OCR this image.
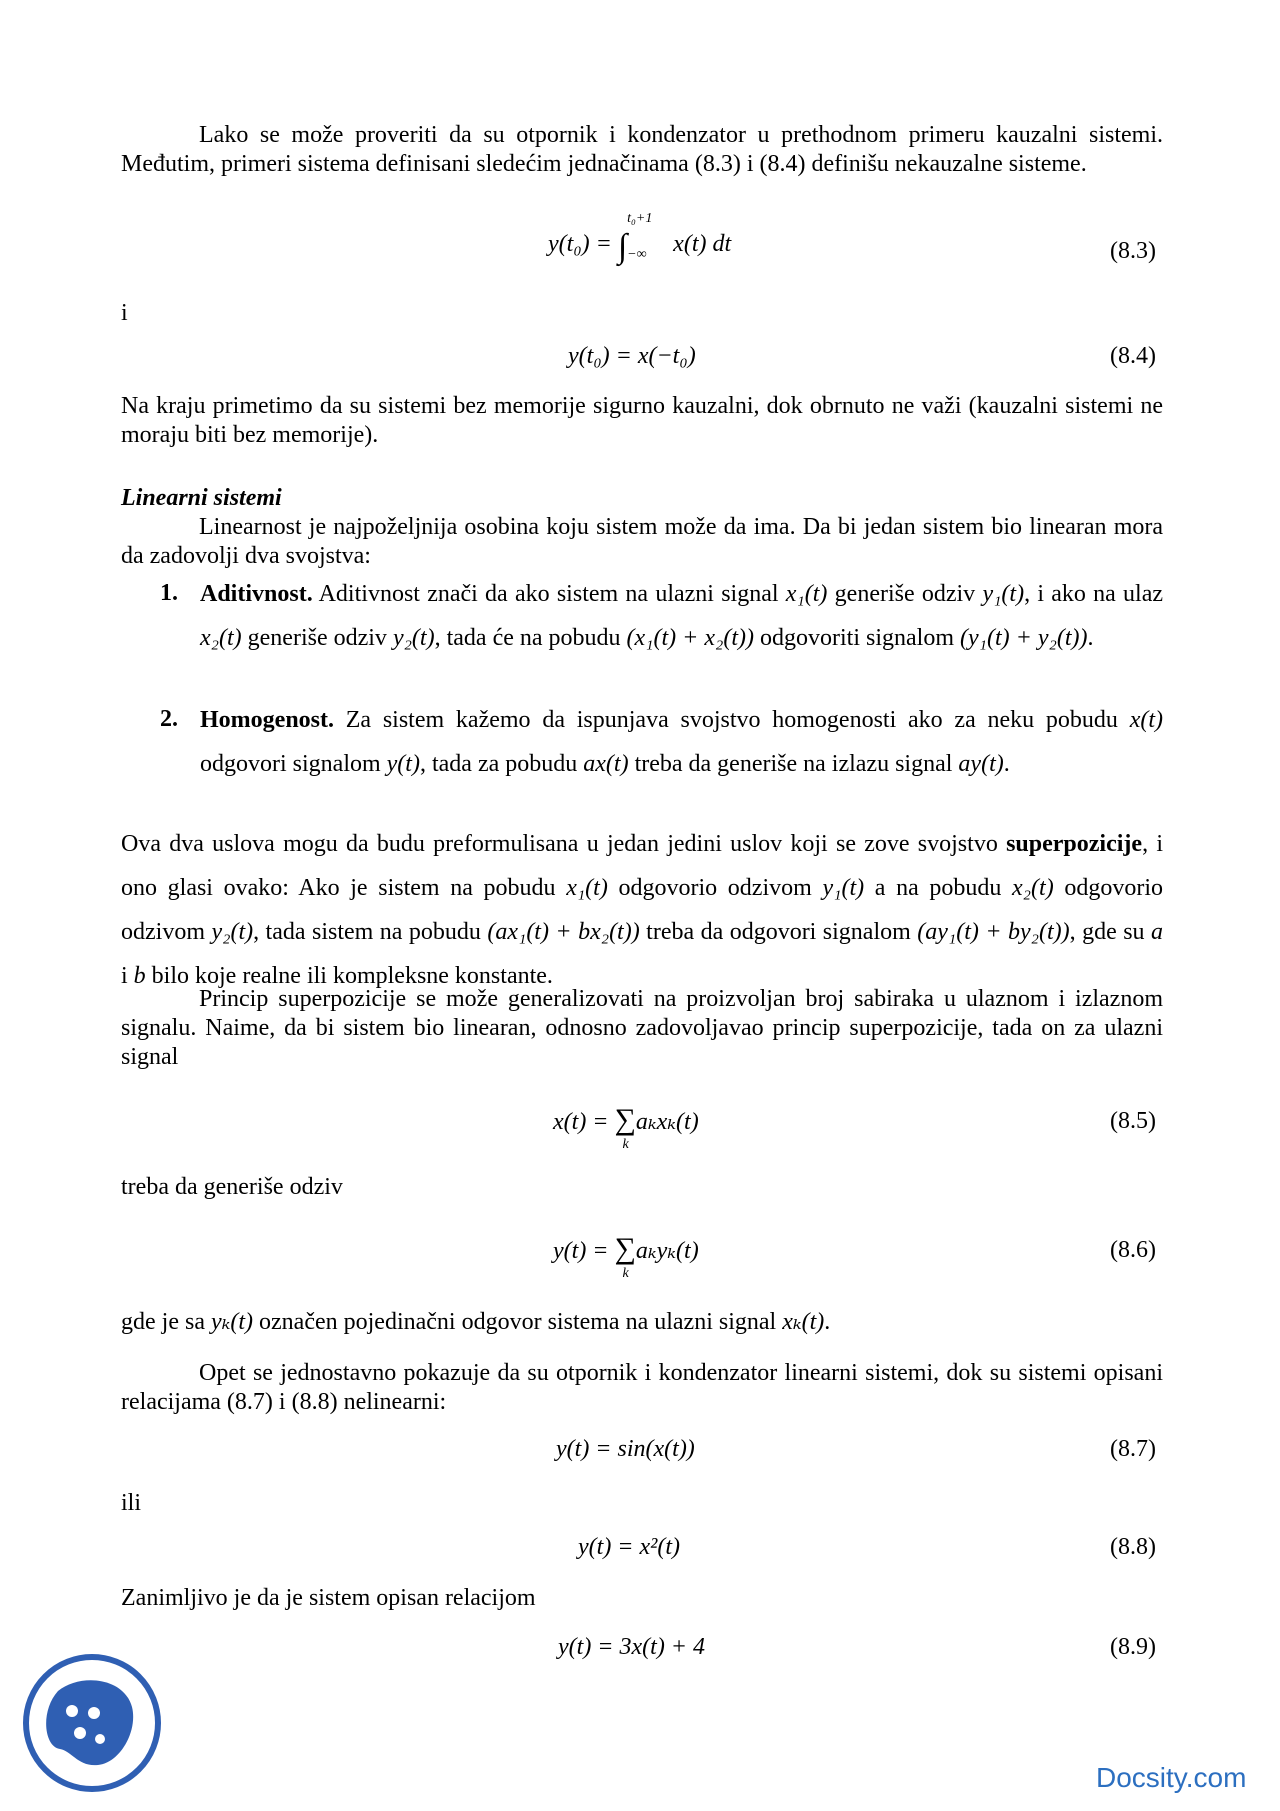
Lako se može proveriti da su otpornik i kondenzator u prethodnom primeru kauzalni sistemi. Međutim, primeri sistema definisani sledećim jednačinama (8.3) i (8.4) definišu nekauzalne sisteme.

y(t₀) = ∫
t₀+1
−∞ x(t) dt	(8.3)
i
y(t₀) = x(−t₀)	(8.4)

Na kraju primetimo da su sistemi bez memorije sigurno kauzalni, dok obrnuto ne važi (kauzalni sistemi ne moraju biti bez memorije).

Linearni sistemi

Linearnost je najpoželjnija osobina koju sistem može da ima. Da bi jedan sistem bio linearan mora da zadovolji dva svojstva:

1. Aditivnost. Aditivnost znači da ako sistem na ulazni signal x₁(t) generiše odziv y₁(t), i ako na ulaz x₂(t) generiše odziv y₂(t), tada će na pobudu (x₁(t) + x₂(t)) odgovoriti signalom (y₁(t) + y₂(t)).
2. Homogenost. Za sistem kažemo da ispunjava svojstvo homogenosti ako za neku pobudu x(t) odgovori signalom y(t), tada za pobudu ax(t) treba da generiše na izlazu signal ay(t).

Ova dva uslova mogu da budu preformulisana u jedan jedini uslov koji se zove svojstvo superpozicije, i ono glasi ovako: Ako je sistem na pobudu x₁(t) odgovorio odzivom y₁(t) a na pobudu x₂(t) odgovorio odzivom y₂(t), tada sistem na pobudu (ax₁(t) + bx₂(t)) treba da odgovori signalom (ay₁(t) + by₂(t)), gde su a i b bilo koje realne ili kompleksne konstante.

Princip superpozicije se može generalizovati na proizvoljan broj sabiraka u ulaznom i izlaznom signalu. Naime, da bi sistem bio linearan, odnosno zadovoljavao princip superpozicije, tada on za ulazni signal

x(t) = ∑
k
aₖxₖ(t)	(8.5)
treba da generiše odziv
y(t) = ∑
k
aₖyₖ(t)	(8.6)
gde je sa yₖ(t) označen pojedinačni odgovor sistema na ulazni signal xₖ(t).

Opet se jednostavno pokazuje da su otpornik i kondenzator linearni sistemi, dok su sistemi opisani relacijama (8.7) i (8.8) nelinearni:

y(t) = sin(x(t))	(8.7)
ili
y(t) = x²(t)	(8.8)
Zanimljivo je da je sistem opisan relacijom
y(t) = 3x(t) + 4	(8.9)
Docsity.com
